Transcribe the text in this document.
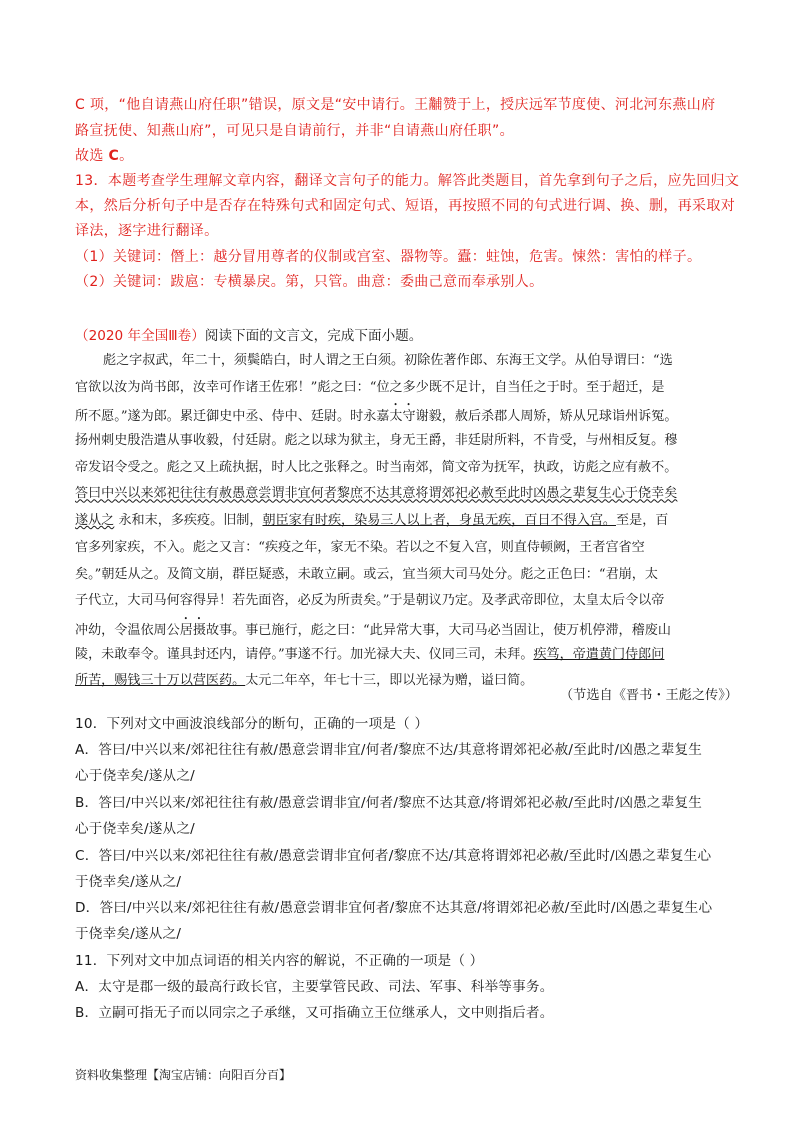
C 项，“他自请燕山府任职”错误，原文是“安中请行。王黼赞于上，授庆远军节度使、河北河东燕山府
路宣抚使、知燕山府”，可见只是自请前行，并非“自请燕山府任职”。
故选 C。
13．本题考查学生理解文章内容，翻译文言句子的能力。解答此类题目，首先拿到句子之后，应先回归文
本，然后分析句子中是否存在特殊句式和固定句式、短语，再按照不同的句式进行调、换、删，再采取对
译法，逐字进行翻译。
（1）关键词：僭上：越分冒用尊者的仪制或宫室、器物等。蠹：蛀蚀，危害。悚然：害怕的样子。
（2）关键词：跋扈：专横暴戾。第，只管。曲意：委曲己意而奉承别人。
（2020 年全国Ⅲ卷）阅读下面的文言文，完成下面小题。
彪之字叔武，年二十，须鬓皓白，时人谓之王白须。初除佐著作郎、东海王文学。从伯导谓曰：“选
官欲以汝为尚书郎，汝幸可作诸王佐邪！”彪之曰：“位之多少既不足计，自当任之于时。至于超迁，是
所不愿。”遂为郎。累迁御史中丞、侍中、廷尉。时永嘉太守谢毅，赦后杀郡人周矫，矫从兄球诣州诉冤。
扬州刺史殷浩遣从事收毅，付廷尉。彪之以球为狱主，身无王爵，非廷尉所料，不肯受，与州相反复。穆
帝发诏令受之。彪之又上疏执据，时人比之张释之。时当南郊，简文帝为抚军，执政，访彪之应有赦不。
答曰中兴以来郊祀往往有赦愚意尝谓非宜何者黎庶不达其意将谓郊祀必赦至此时凶愚之辈复生心于侥幸矣
遂从之 永和末，多疾疫。旧制，朝臣家有时疾，染易三人以上者，身虽无疾，百日不得入宫。至是，百
官多列家疾，不入。彪之又言：“疾疫之年，家无不染。若以之不复入宫，则直侍顿阙，王者宫省空
矣。”朝廷从之。及简文崩，群臣疑惑，未敢立嗣。或云，宜当须大司马处分。彪之正色曰：“君崩，太
子代立，大司马何容得异！若先面咨，必反为所责矣。”于是朝议乃定。及孝武帝即位，太皇太后令以帝
冲幼，令温依周公居摄故事。事已施行，彪之曰：“此异常大事，大司马必当固让，使万机停滞，稽废山
陵，未敢奉令。谨具封还内，请停。”事遂不行。加光禄大夫、仪同三司，未拜。疾笃，帝遣黄门侍郎问
所苦，赐钱三十万以营医药。太元二年卒，年七十三，即以光禄为赠，谥曰简。
（节选自《晋书・王彪之传》）
10．下列对文中画波浪线部分的断句，正确的一项是（ ）
A．答曰/中兴以来/郊祀往往有赦/愚意尝谓非宜/何者/黎庶不达/其意将谓郊祀必赦/至此时/凶愚之辈复生
心于侥幸矣/遂从之/
B．答曰/中兴以来/郊祀往往有赦/愚意尝谓非宜/何者/黎庶不达其意/将谓郊祀必赦/至此时/凶愚之辈复生
心于侥幸矣/遂从之/
C．答曰/中兴以来/郊祀往往有赦/愚意尝谓非宜何者/黎庶不达/其意将谓郊祀必赦/至此时/凶愚之辈复生心
于侥幸矣/遂从之/
D．答曰/中兴以来/郊祀往往有赦/愚意尝谓非宜何者/黎庶不达其意/将谓郊祀必赦/至此时/凶愚之辈复生心
于侥幸矣/遂从之/
11．下列对文中加点词语的相关内容的解说，不正确的一项是（ ）
A．太守是郡一级的最高行政长官，主要掌管民政、司法、军事、科举等事务。
B．立嗣可指无子而以同宗之子承继，又可指确立王位继承人，文中则指后者。
资料收集整理【淘宝店铺：向阳百分百】
